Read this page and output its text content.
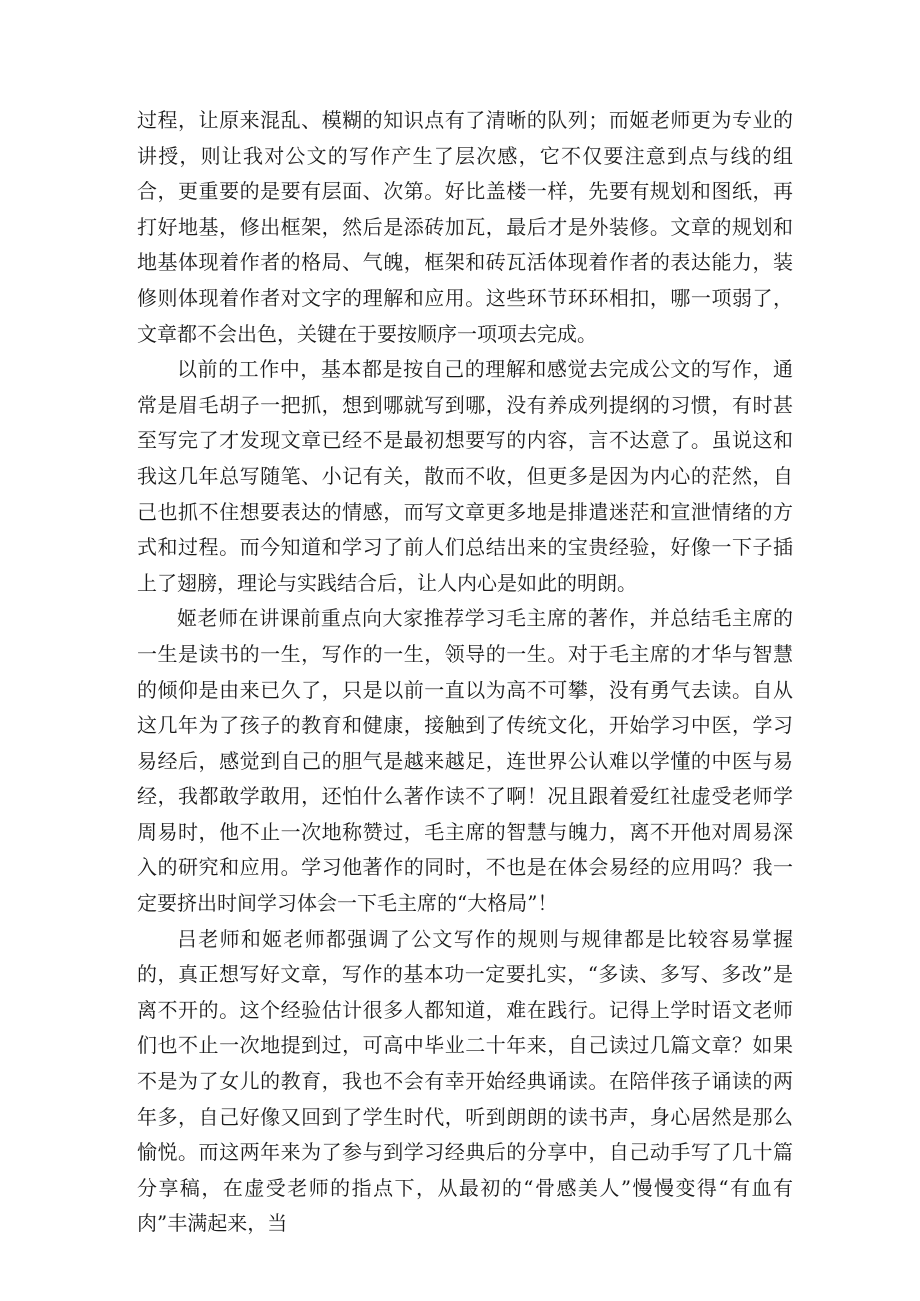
过程，让原来混乱、模糊的知识点有了清晰的队列；而姬老师更为专业的讲授，则让我对公文的写作产生了层次感，它不仅要注意到点与线的组合，更重要的是要有层面、次第。好比盖楼一样，先要有规划和图纸，再打好地基，修出框架，然后是添砖加瓦，最后才是外装修。文章的规划和地基体现着作者的格局、气魄，框架和砖瓦活体现着作者的表达能力，装修则体现着作者对文字的理解和应用。这些环节环环相扣，哪一项弱了，文章都不会出色，关键在于要按顺序一项项去完成。

以前的工作中，基本都是按自己的理解和感觉去完成公文的写作，通常是眉毛胡子一把抓，想到哪就写到哪，没有养成列提纲的习惯，有时甚至写完了才发现文章已经不是最初想要写的内容，言不达意了。虽说这和我这几年总写随笔、小记有关，散而不收，但更多是因为内心的茫然，自己也抓不住想要表达的情感，而写文章更多地是排遣迷茫和宣泄情绪的方式和过程。而今知道和学习了前人们总结出来的宝贵经验，好像一下子插上了翅膀，理论与实践结合后，让人内心是如此的明朗。

姬老师在讲课前重点向大家推荐学习毛主席的著作，并总结毛主席的一生是读书的一生，写作的一生，领导的一生。对于毛主席的才华与智慧的倾仰是由来已久了，只是以前一直以为高不可攀，没有勇气去读。自从这几年为了孩子的教育和健康，接触到了传统文化，开始学习中医，学习易经后，感觉到自己的胆气是越来越足，连世界公认难以学懂的中医与易经，我都敢学敢用，还怕什么著作读不了啊！况且跟着爱红社虚受老师学周易时，他不止一次地称赞过，毛主席的智慧与魄力，离不开他对周易深入的研究和应用。学习他著作的同时，不也是在体会易经的应用吗？我一定要挤出时间学习体会一下毛主席的“大格局”！

吕老师和姬老师都强调了公文写作的规则与规律都是比较容易掌握的，真正想写好文章，写作的基本功一定要扎实，“多读、多写、多改”是离不开的。这个经验估计很多人都知道，难在践行。记得上学时语文老师们也不止一次地提到过，可高中毕业二十年来，自己读过几篇文章？如果不是为了女儿的教育，我也不会有幸开始经典诵读。在陪伴孩子诵读的两年多，自己好像又回到了学生时代，听到朗朗的读书声，身心居然是那么愉悦。而这两年来为了参与到学习经典后的分享中，自己动手写了几十篇分享稿，在虚受老师的指点下，从最初的“骨感美人”慢慢变得“有血有肉”丰满起来，当
